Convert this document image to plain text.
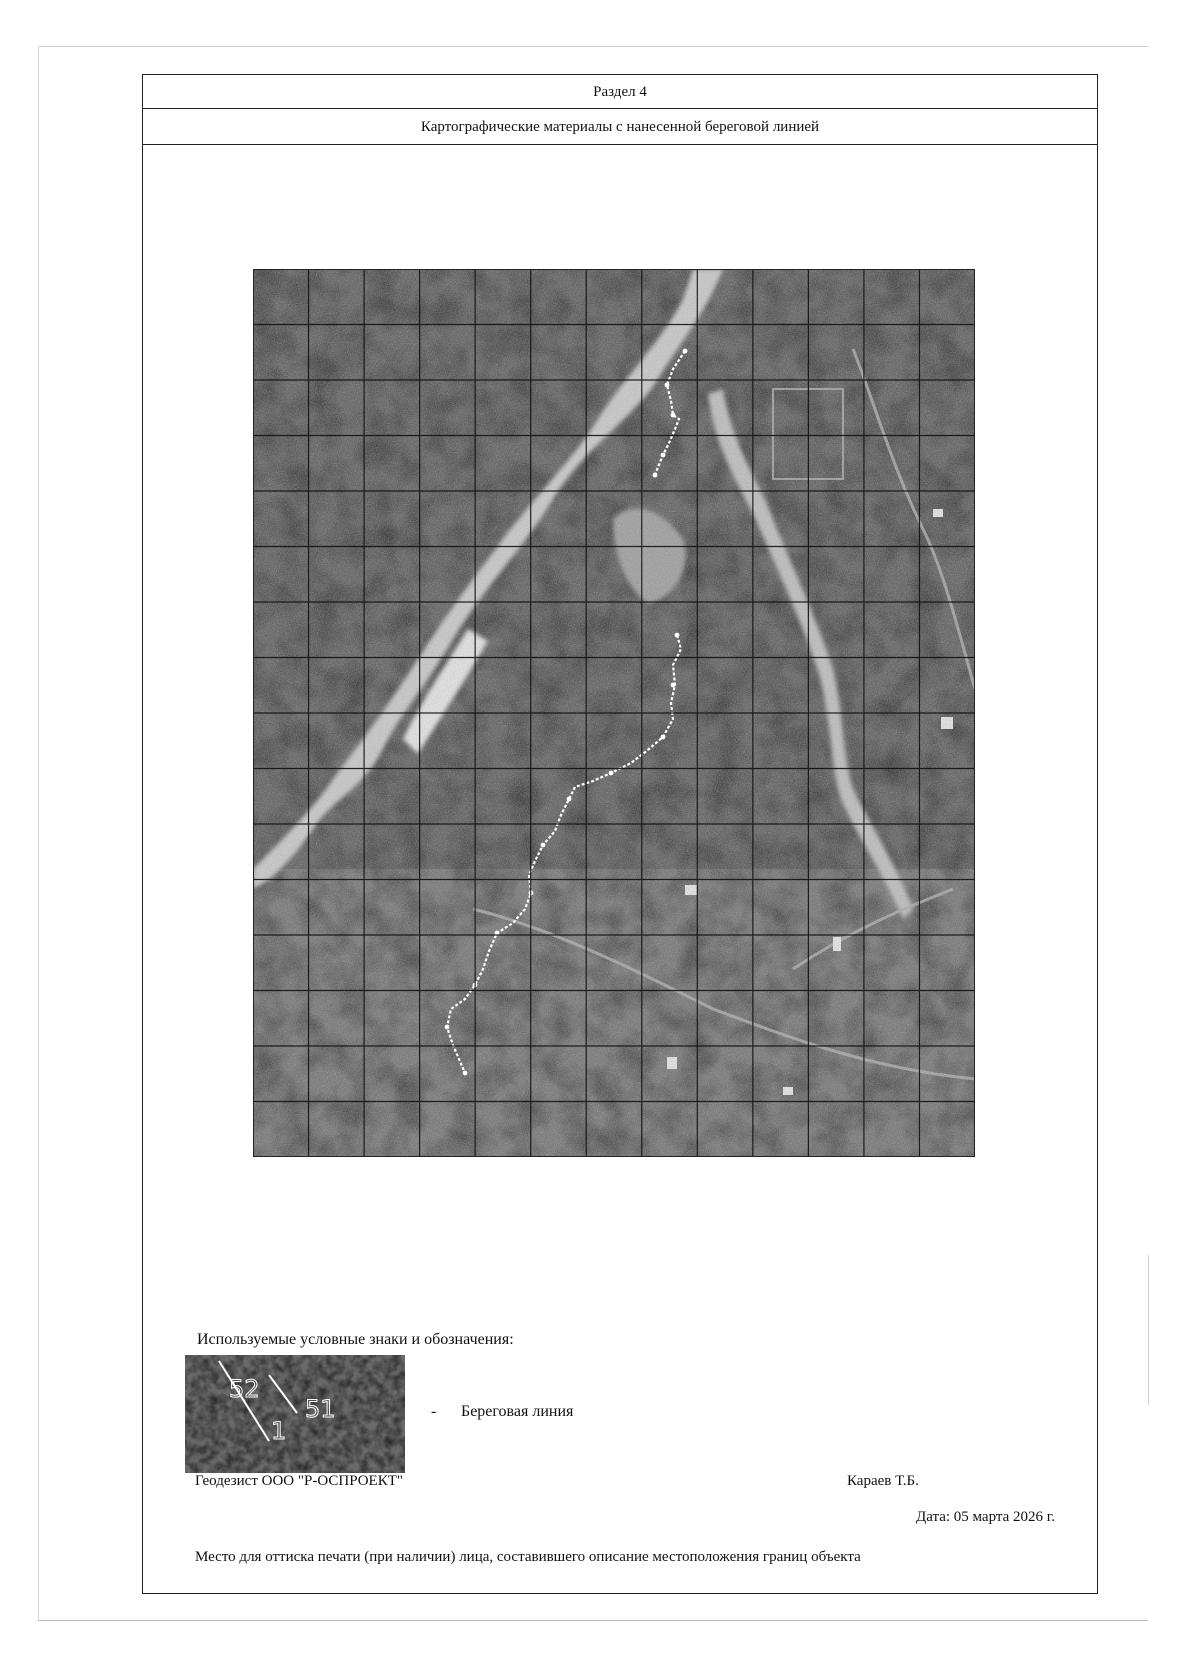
Раздел 4
Картографические материалы с нанесенной береговой линией
Используемые условные знаки и обозначения:
52
1
51	- Береговая линия
Геодезист ООО "Р-ОСПРОЕКТ"	Караев Т.Б.
Дата: 05 марта 2026 г.
Место для оттиска печати (при наличии) лица, составившего описание местоположения границ объекта
